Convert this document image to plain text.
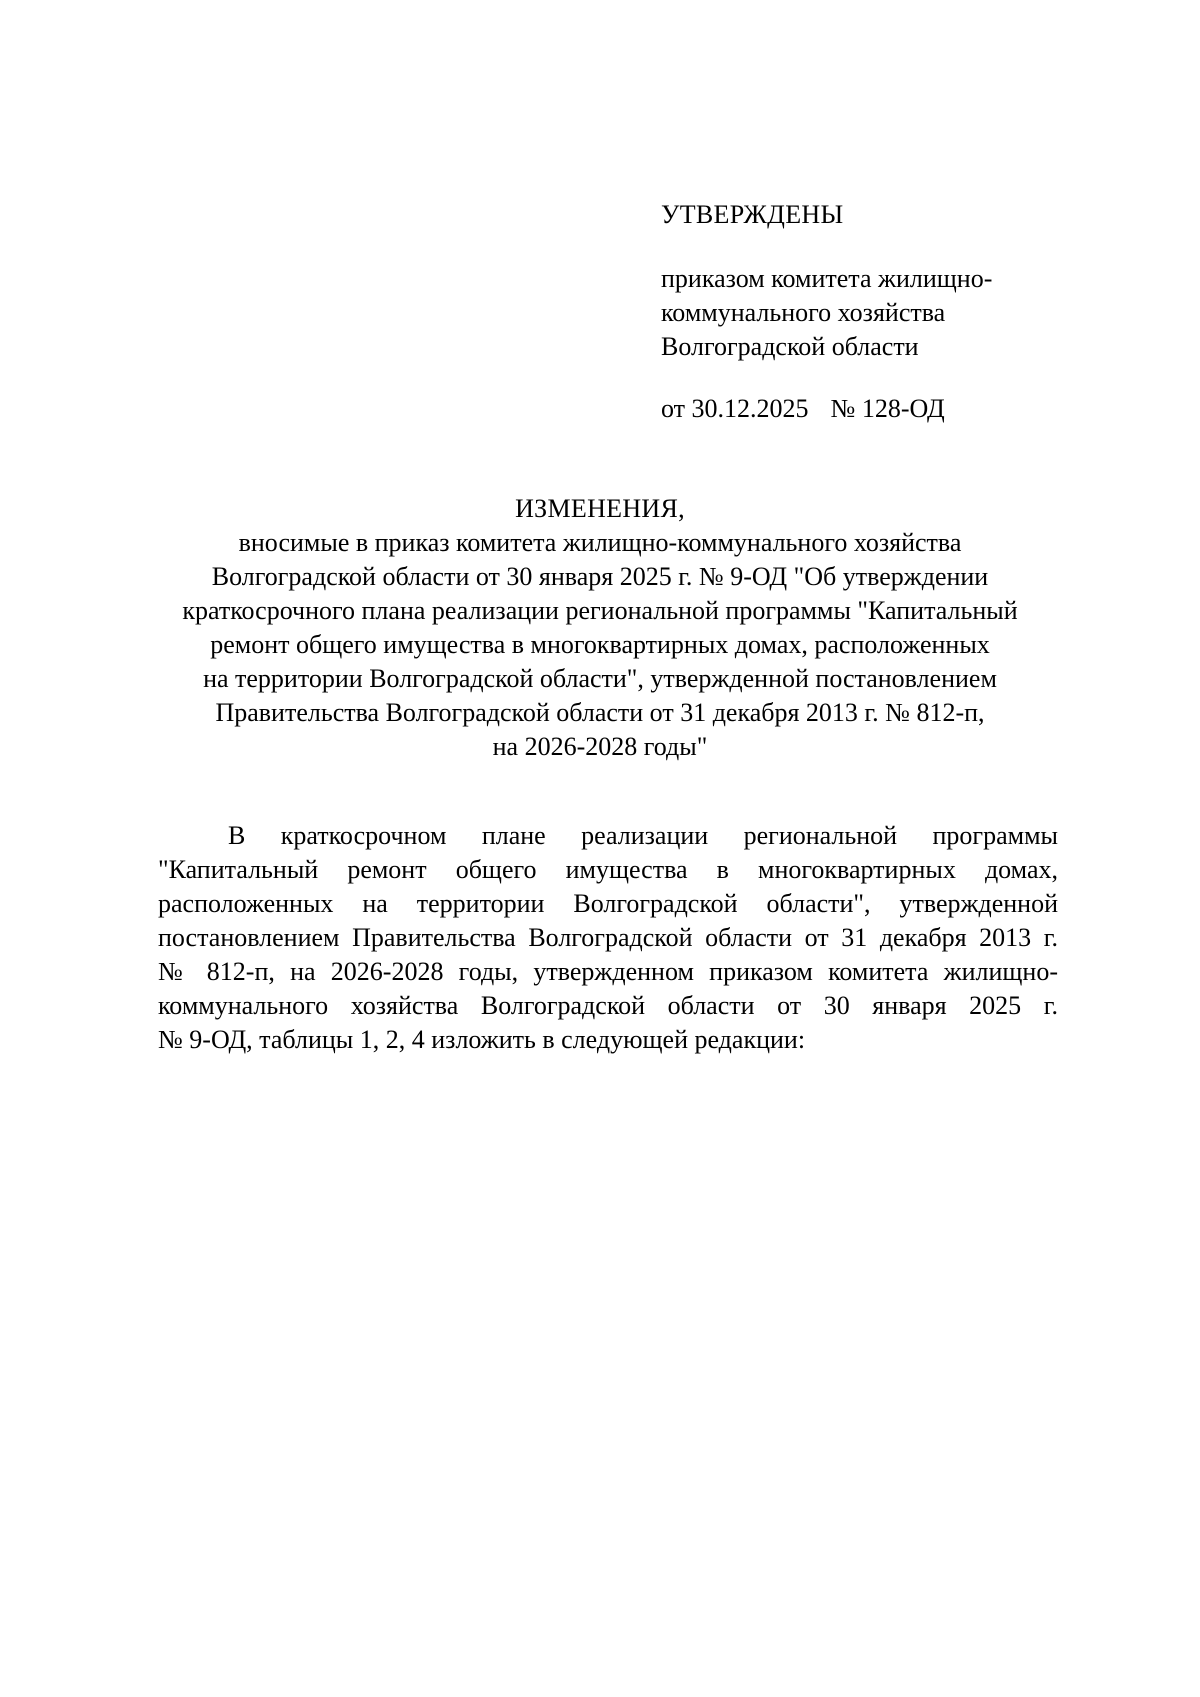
УТВЕРЖДЕНЫ
приказом комитета жилищно-
коммунального хозяйства
Волгоградской области
от 30.12.2025 № 128-ОД
ИЗМЕНЕНИЯ,
вносимые в приказ комитета жилищно-коммунального хозяйства
Волгоградской области от 30 января 2025 г. № 9-ОД "Об утверждении
краткосрочного плана реализации региональной программы "Капитальный
ремонт общего имущества в многоквартирных домах, расположенных
на территории Волгоградской области", утвержденной постановлением
Правительства Волгоградской области от 31 декабря 2013 г. № 812-п,
на 2026-2028 годы"
В краткосрочном плане реализации региональной программы
"Капитальный ремонт общего имущества в многоквартирных домах,
расположенных на территории Волгоградской области", утвержденной
постановлением Правительства Волгоградской области от 31 декабря 2013 г.
№ 812-п, на 2026-2028 годы, утвержденном приказом комитета жилищно-
коммунального хозяйства Волгоградской области от 30 января 2025 г.
№ 9-ОД, таблицы 1, 2, 4 изложить в следующей редакции:
